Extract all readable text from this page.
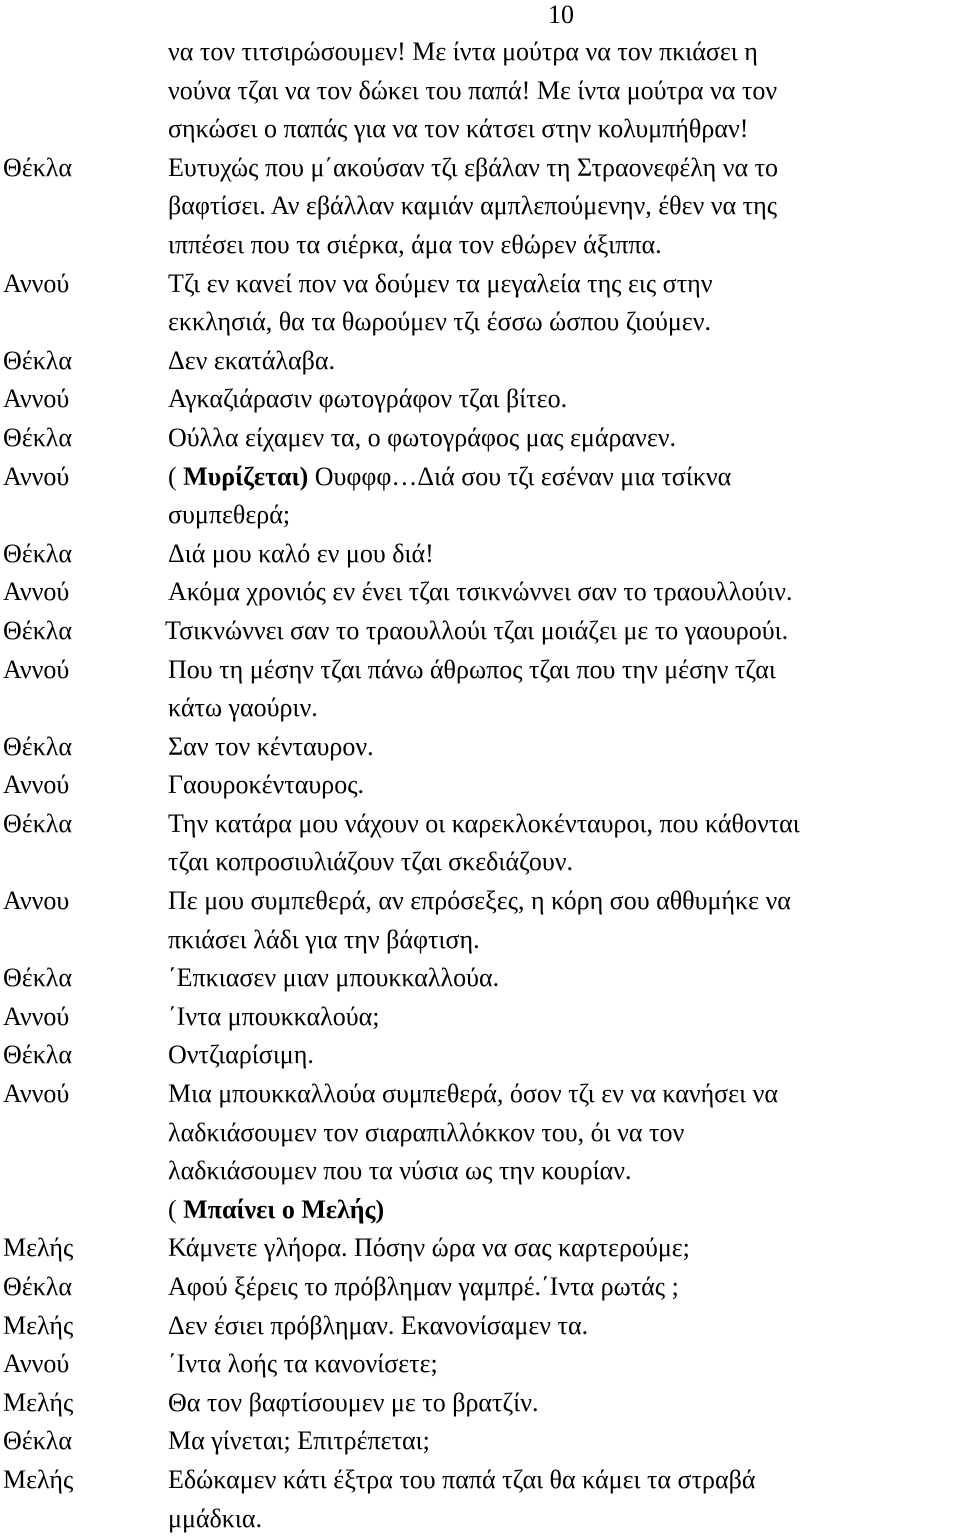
10
να τον τιτσιρώσουμεν! Με ίντα μούτρα να τον πκιάσει η
νούνα τζαι να τον δώκει του παπά! Με ίντα μούτρα να τον
σηκώσει ο παπάς για να τον κάτσει στην κολυμπήθραν!
Θέκλα	Ευτυχώς που μ΄ακούσαν τζι εβάλαν τη Στραονεφέλη να το
βαφτίσει. Αν εβάλλαν καμιάν αμπλεπούμενην, έθεν να της
ιππέσει που τα σιέρκα, άμα τον εθώρεν άξιππα.
Αννού	Τζι εν κανεί πον να δούμεν τα μεγαλεία της εις στην
εκκλησιά, θα τα θωρούμεν τζι έσσω ώσπου ζιούμεν.
Θέκλα	Δεν εκατάλαβα.
Αννού	Αγκαζιάρασιν φωτογράφον τζαι βίτεο.
Θέκλα	Ούλλα είχαμεν τα, ο φωτογράφος μας εμάρανεν.
Αννού	( Μυρίζεται) Ουφφφ…Διά σου τζι εσέναν μια τσίκνα
συμπεθερά;
Θέκλα	Διά μου καλό εν μου διά!
Αννού	Ακόμα χρονιός εν ένει τζαι τσικνώννει σαν το τραουλλούιν.
Θέκλα	Τσικνώννει σαν το τραουλλούι τζαι μοιάζει με το γαουρούι.
Αννού	Που τη μέσην τζαι πάνω άθρωπος τζαι που την μέσην τζαι
κάτω γαούριν.
Θέκλα	Σαν τον κένταυρον.
Αννού	Γαουροκένταυρος.
Θέκλα	Την κατάρα μου νάχουν οι καρεκλοκένταυροι, που κάθονται
τζαι κοπροσιυλιάζουν τζαι σκεδιάζουν.
Αννου	Πε μου συμπεθερά, αν επρόσεξες, η κόρη σου αθθυμήκε να
πκιάσει λάδι για την βάφτιση.
Θέκλα	΄Επκιασεν μιαν μπουκκαλλούα.
Αννού	΄Ιντα μπουκκαλούα;
Θέκλα	Οντζιαρίσιμη.
Αννού	Μια μπουκκαλλούα συμπεθερά, όσον τζι εν να κανήσει να
λαδκιάσουμεν τον σιαραπιλλόκκον του, όι να τον
λαδκιάσουμεν που τα νύσια ως την κουρίαν.
( Μπαίνει ο Μελής)
Μελής	Κάμνετε γλήορα. Πόσην ώρα να σας καρτερούμε;
Θέκλα	Αφού ξέρεις το πρόβλημαν γαμπρέ.΄Ιντα ρωτάς ;
Μελής	Δεν έσιει πρόβλημαν. Εκανονίσαμεν τα.
Αννού	΄Ιντα λοής τα κανονίσετε;
Μελής	Θα τον βαφτίσουμεν με το βρατζίν.
Θέκλα	Μα γίνεται; Επιτρέπεται;
Μελής	Εδώκαμεν κάτι έξτρα του παπά τζαι θα κάμει τα στραβά
μμάδκια.
